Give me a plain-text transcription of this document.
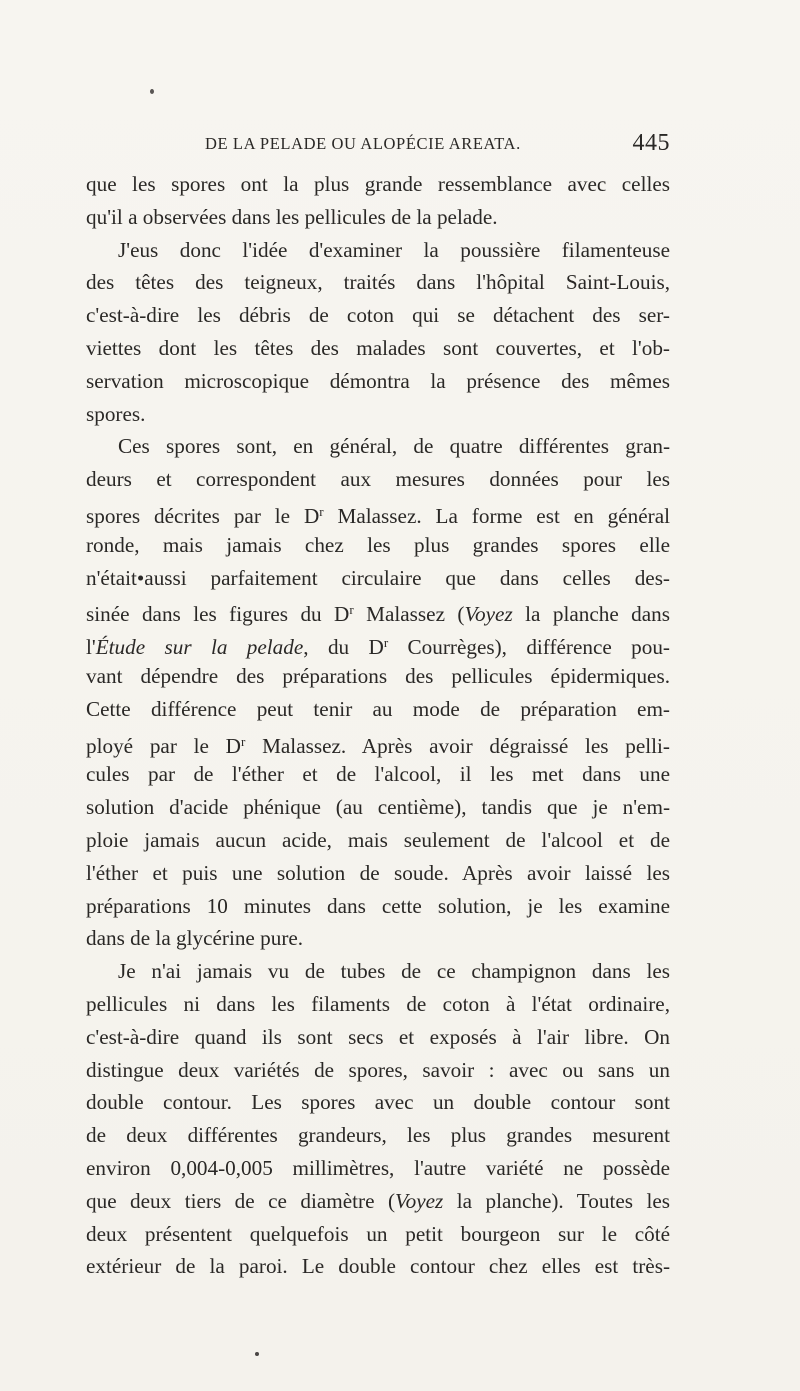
DE LA PELADE OU ALOPÉCIE AREATA.	445
que les spores ont la plus grande ressemblance avec celles
qu'il a observées dans les pellicules de la pelade.
J'eus donc l'idée d'examiner la poussière filamenteuse
des têtes des teigneux, traités dans l'hôpital Saint-Louis,
c'est-à-dire les débris de coton qui se détachent des ser-
viettes dont les têtes des malades sont couvertes, et l'ob-
servation microscopique démontra la présence des mêmes
spores.
Ces spores sont, en général, de quatre différentes gran-
deurs et correspondent aux mesures données pour les
spores décrites par le $D^r$ Malassez. La forme est en général
ronde, mais jamais chez les plus grandes spores elle
n'était•aussi parfaitement circulaire que dans celles des-
sinée dans les figures du $D^r$ Malassez (Voyez la planche dans
l'Étude sur la pelade, du $D^r$ Courrèges), différence pou-
vant dépendre des préparations des pellicules épidermiques.
Cette différence peut tenir au mode de préparation em-
ployé par le $D^r$ Malassez. Après avoir dégraissé les pelli-
cules par de l'éther et de l'alcool, il les met dans une
solution d'acide phénique (au centième), tandis que je n'em-
ploie jamais aucun acide, mais seulement de l'alcool et de
l'éther et puis une solution de soude. Après avoir laissé les
préparations 10 minutes dans cette solution, je les examine
dans de la glycérine pure.
Je n'ai jamais vu de tubes de ce champignon dans les
pellicules ni dans les filaments de coton à l'état ordinaire,
c'est-à-dire quand ils sont secs et exposés à l'air libre. On
distingue deux variétés de spores, savoir : avec ou sans un
double contour. Les spores avec un double contour sont
de deux différentes grandeurs, les plus grandes mesurent
environ 0,004-0,005 millimètres, l'autre variété ne possède
que deux tiers de ce diamètre (Voyez la planche). Toutes les
deux présentent quelquefois un petit bourgeon sur le côté
extérieur de la paroi. Le double contour chez elles est très-
